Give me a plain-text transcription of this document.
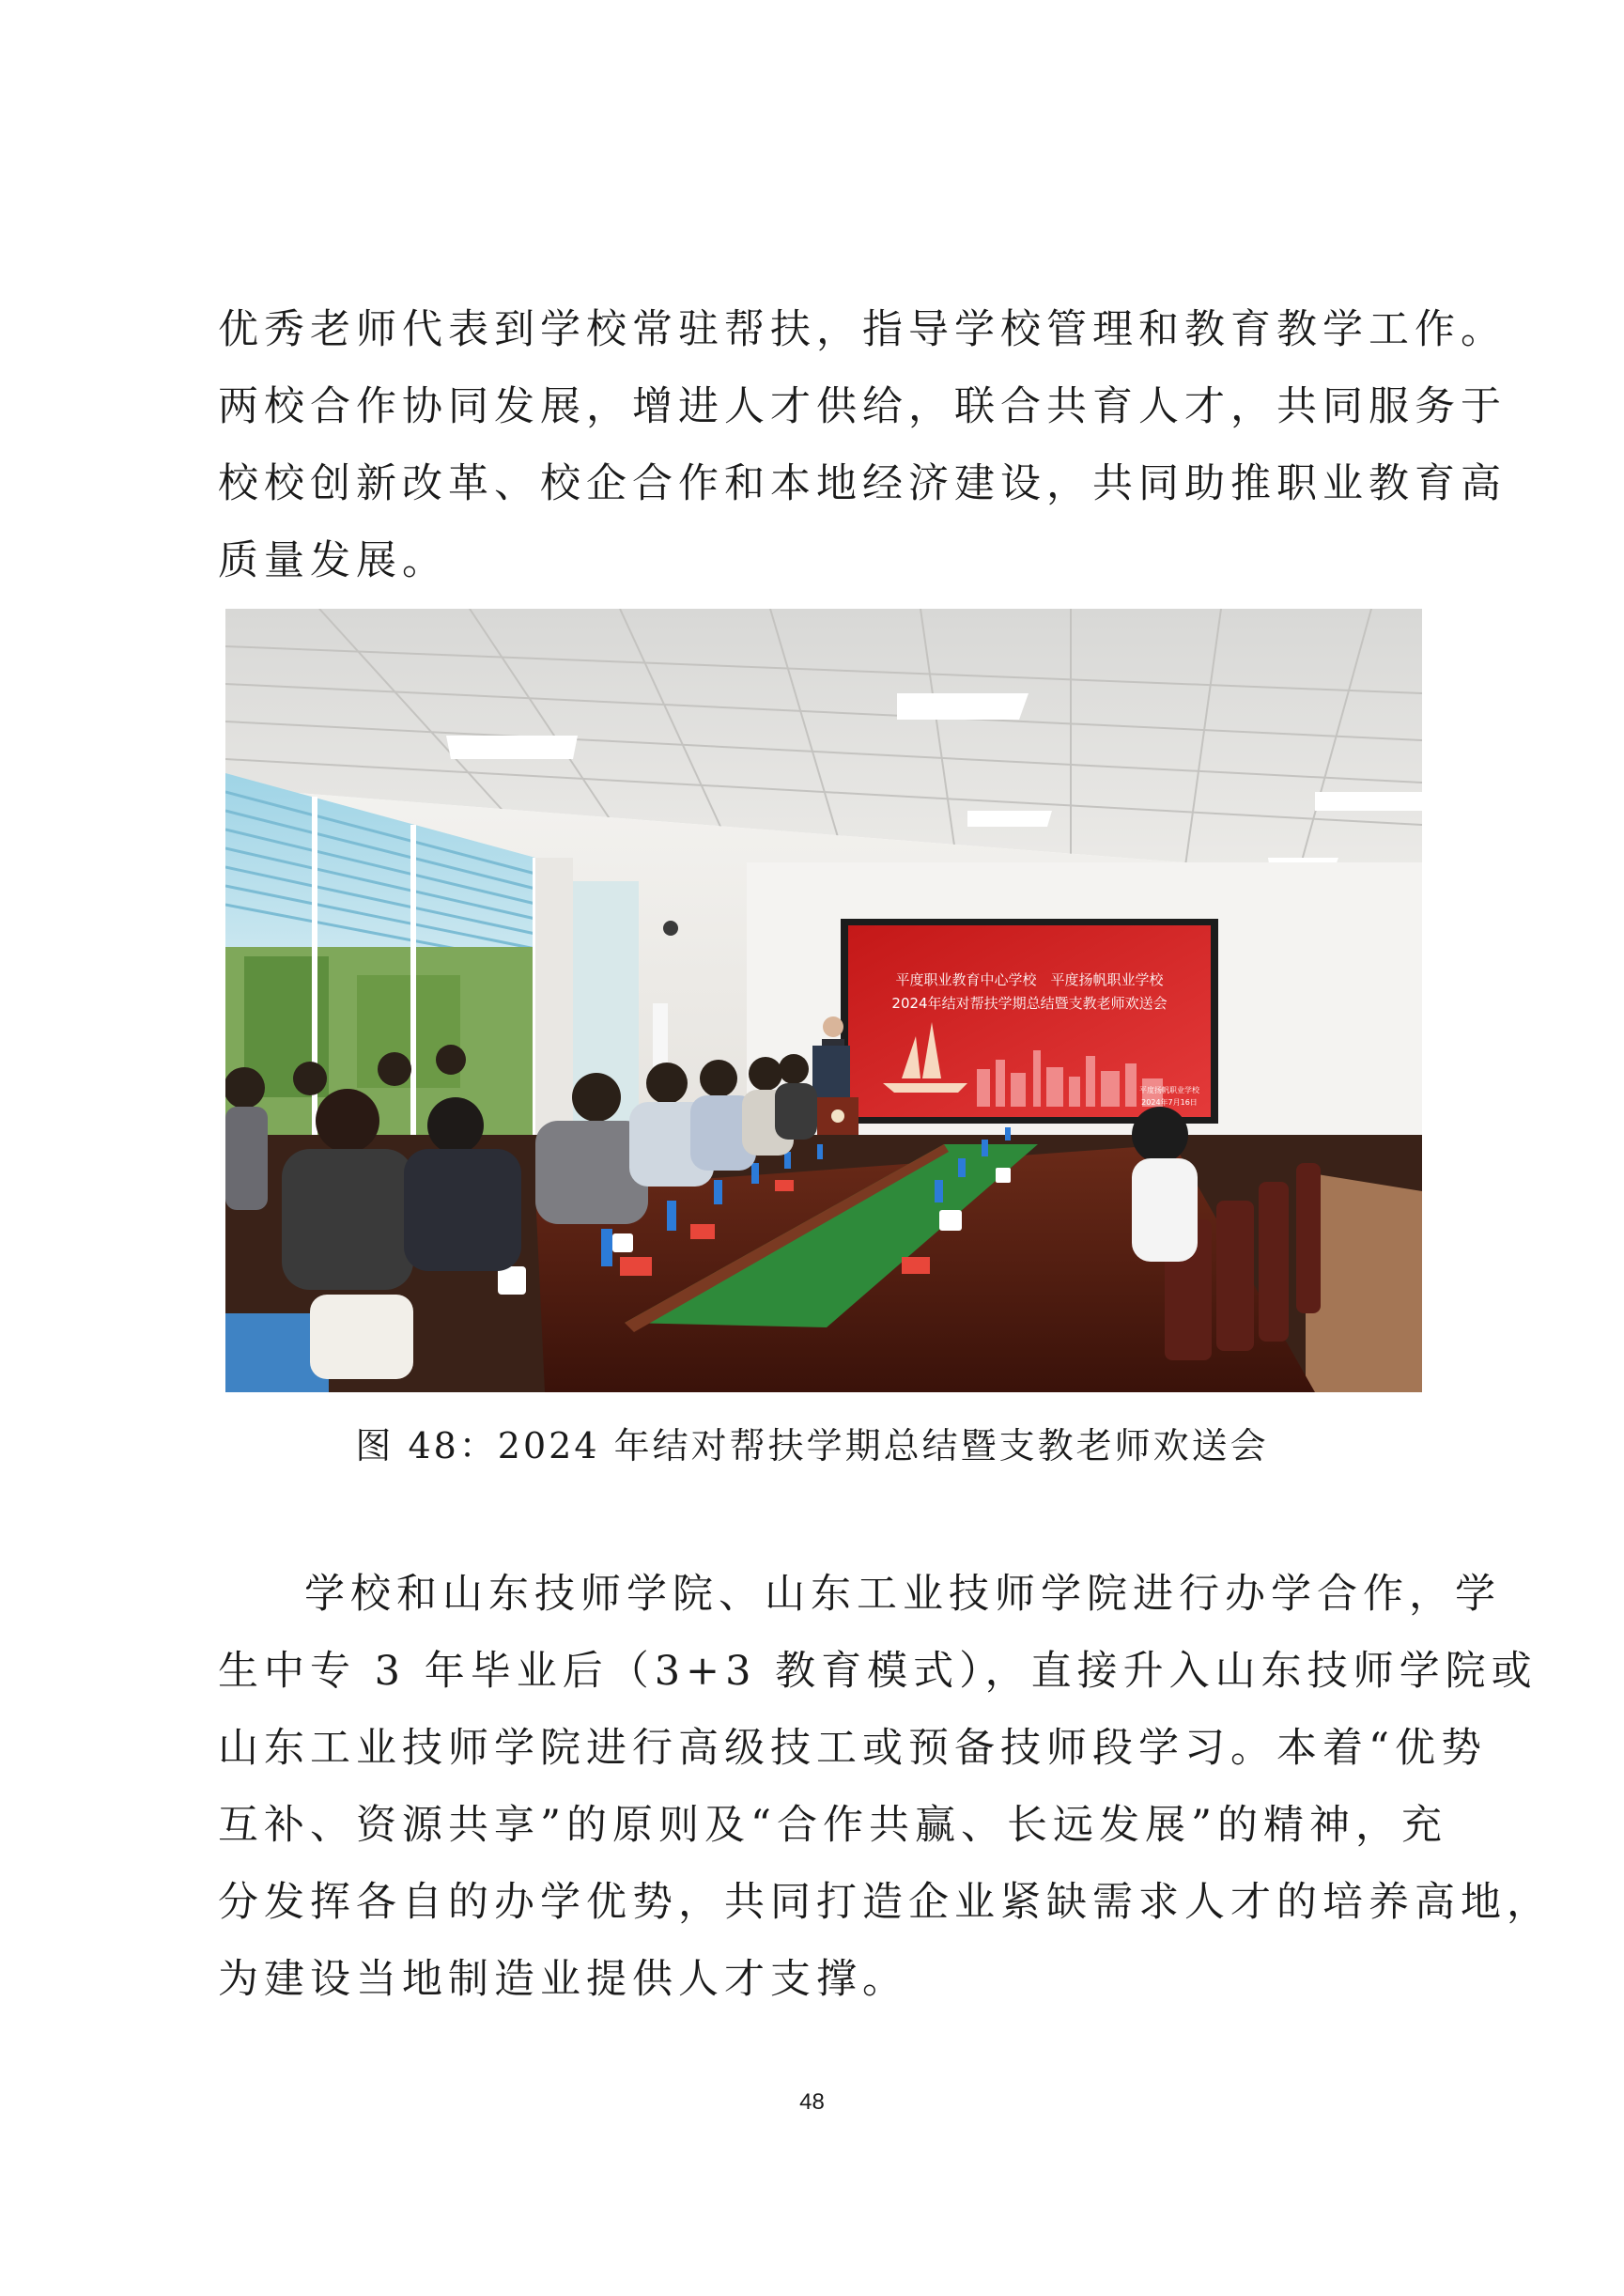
优秀老师代表到学校常驻帮扶，指导学校管理和教育教学工作。
两校合作协同发展，增进人才供给，联合共育人才，共同服务于
校校创新改革、校企合作和本地经济建设，共同助推职业教育高
质量发展。
平度职业教育中心学校　平度扬帆职业学校
2024年结对帮扶学期总结暨支教老师欢送会
平度扬帆职业学校
2024年7月16日
图 48：2024 年结对帮扶学期总结暨支教老师欢送会
学校和山东技师学院、山东工业技师学院进行办学合作，学
生中专 3 年毕业后（3+3 教育模式），直接升入山东技师学院或
山东工业技师学院进行高级技工或预备技师段学习。本着“优势
互补、资源共享”的原则及“合作共赢、长远发展”的精神，充
分发挥各自的办学优势，共同打造企业紧缺需求人才的培养高地，
为建设当地制造业提供人才支撑。
48
